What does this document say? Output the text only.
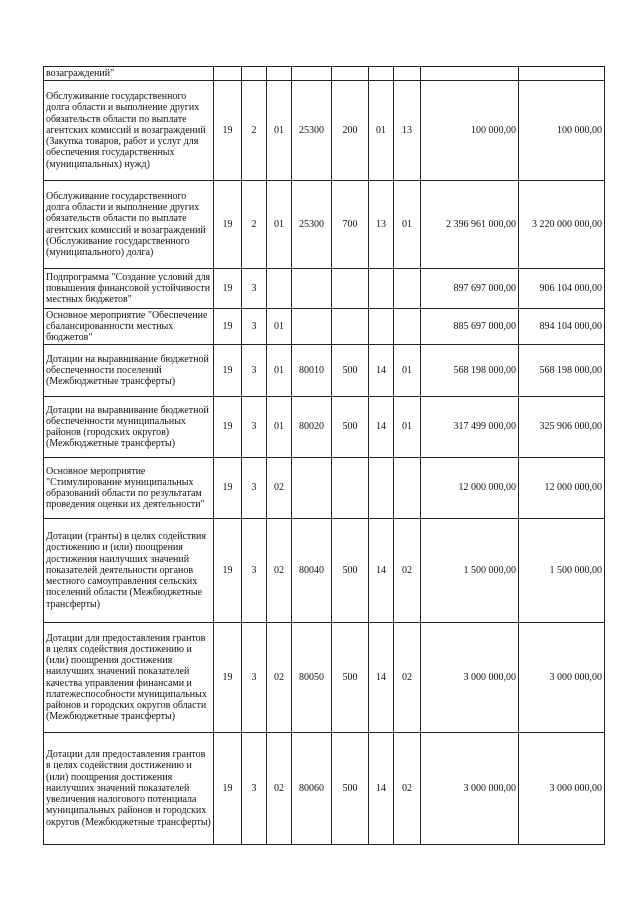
возаграждений"									
Обслуживание государственного долга области и выполнение других обязательств области по выплате агентских комиссий и возаграждений (Закупка товаров, работ и услуг для обеспечения государственных (муниципальных) нужд)	19	2	01	25300	200	01	13	100 000,00	100 000,00
Обслуживание государственного долга области и выполнение других обязательств области по выплате агентских комиссий и возаграждений (Обслуживание государственного (муниципального) долга)	19	2	01	25300	700	13	01	2 396 961 000,00	3 220 000 000,00
Подпрограмма "Создание условий для повышения финансовой устойчивости местных бюджетов"	19	3						897 697 000,00	906 104 000,00
Основное мероприятие "Обеспечение сбалансированности местных бюджетов"	19	3	01					885 697 000,00	894 104 000,00
Дотации на выравнивание бюджетной обеспеченности поселений (Межбюджетные трансферты)	19	3	01	80010	500	14	01	568 198 000,00	568 198 000,00
Дотации на выравнивание бюджетной обеспеченности муниципальных районов (городских округов) (Межбюджетные трансферты)	19	3	01	80020	500	14	01	317 499 000,00	325 906 000,00
Основное мероприятие "Стимулирование муниципальных образований области по результатам проведения оценки их деятельности"	19	3	02					12 000 000,00	12 000 000,00
Дотации (гранты) в целях содействия достижению и (или) поощрения достижения наилучших значений показателей деятельности органов местного самоуправления сельских поселений области (Межбюджетные трансферты)	19	3	02	80040	500	14	02	1 500 000,00	1 500 000,00
Дотации для предоставления грантов в целях содействия достижению и (или) поощрения достижения наилучших значений показателей качества управления финансами и платежеспособности муниципальных районов и городских округов области (Межбюджетные трансферты)	19	3	02	80050	500	14	02	3 000 000,00	3 000 000,00
Дотации для предоставления грантов в целях содействия достижению и (или) поощрения достижения наилучших значений показателей увеличения налогового потенциала муниципальных районов и городских округов (Межбюджетные трансферты)	19	3	02	80060	500	14	02	3 000 000,00	3 000 000,00
